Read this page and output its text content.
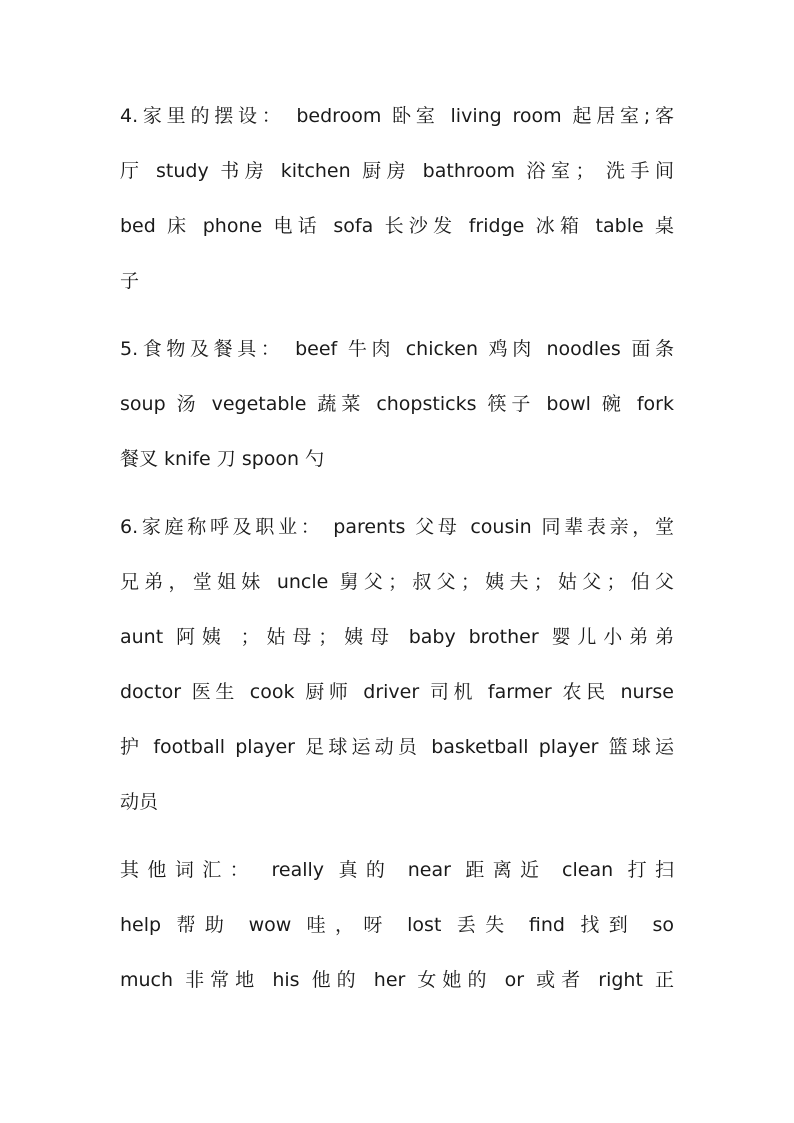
4.家里的摆设： bedroom 卧室 living room 起居室;客
厅 study 书房 kitchen 厨房 bathroom 浴室； 洗手间
bed 床 phone 电话 sofa 长沙发 fridge 冰箱 table 桌
子
5.食物及餐具： beef 牛肉 chicken 鸡肉 noodles 面条
soup 汤 vegetable 蔬菜 chopsticks 筷子 bowl 碗 fork
餐叉 knife 刀 spoon 勺
6.家庭称呼及职业： parents 父母 cousin 同辈表亲，堂
兄弟，堂姐妹 uncle 舅父；叔父；姨夫；姑父；伯父
aunt 阿姨 ；姑母；姨母 baby brother 婴儿小弟弟
doctor 医生 cook 厨师 driver 司机 farmer 农民 nurse
护 football player 足球运动员 basketball player 篮球运
动员
其他词汇： really 真的 near 距离近 clean 打扫
help 帮助 wow 哇，呀 lost 丢失 find 找到 so
much 非常地 his 他的 her 女她的 or 或者 right 正
